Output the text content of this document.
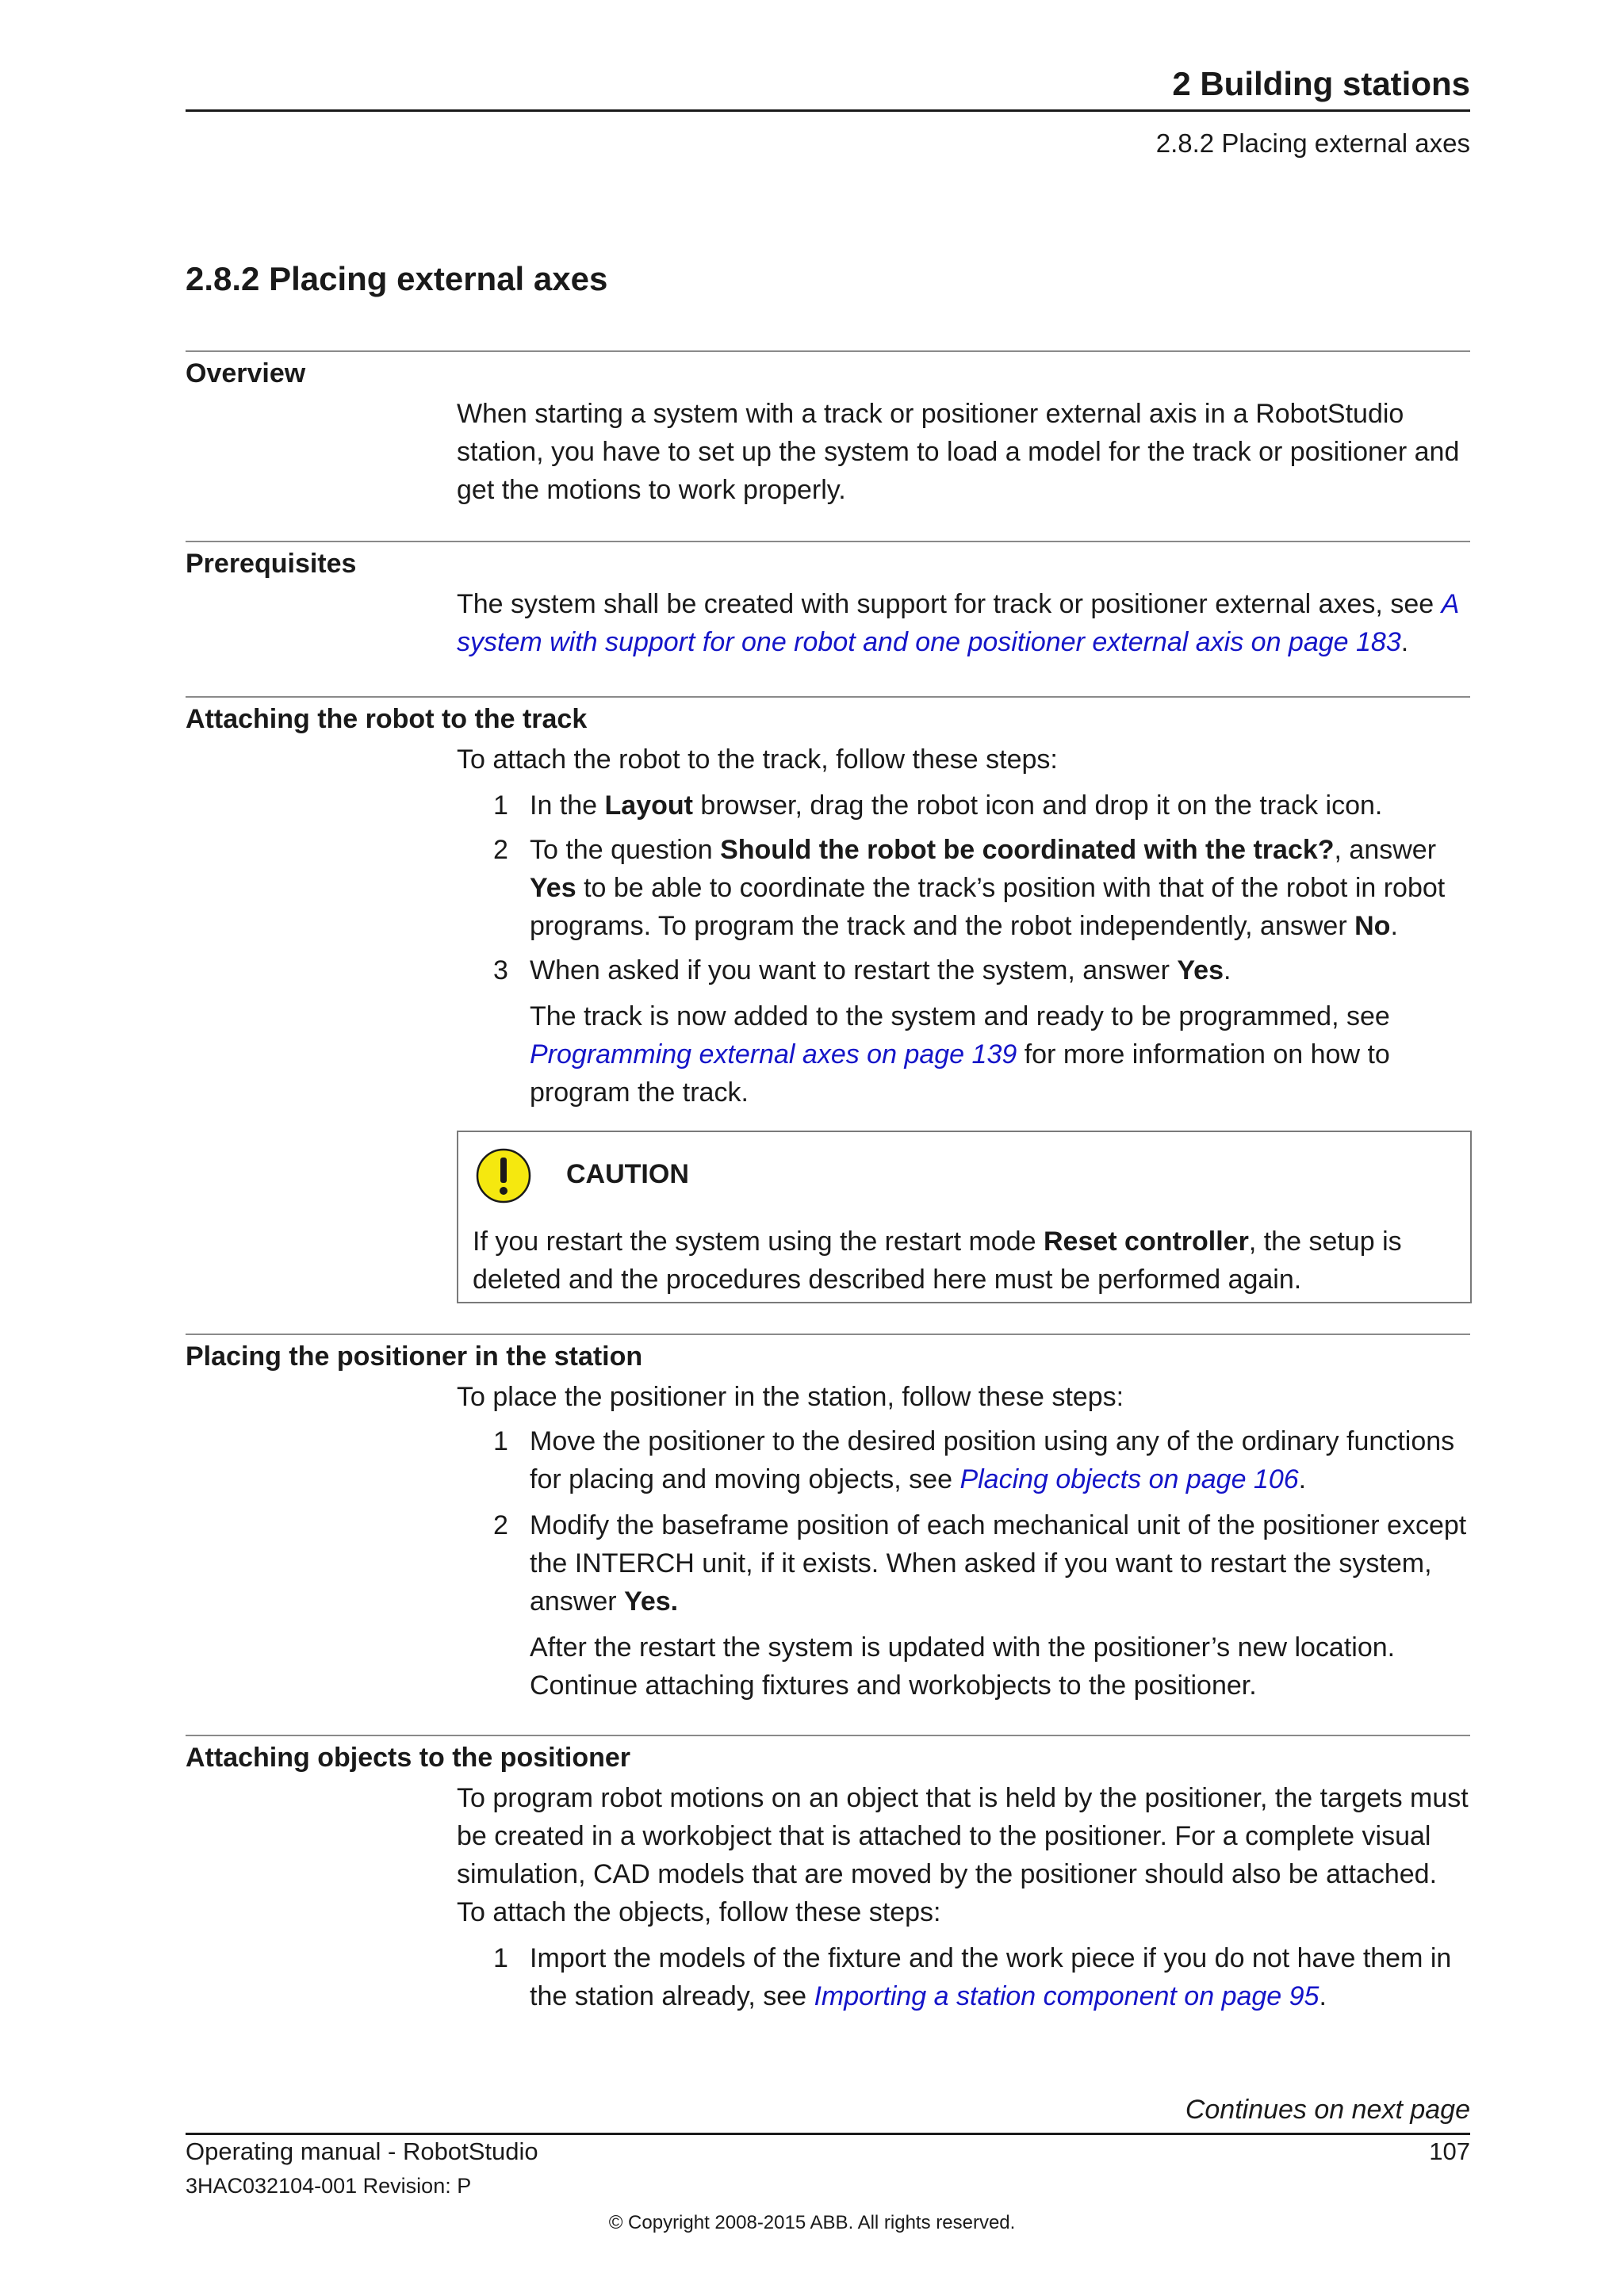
2 Building stations
2.8.2 Placing external axes
2.8.2 Placing external axes
Overview
When starting a system with a track or positioner external axis in a RobotStudio station, you have to set up the system to load a model for the track or positioner and get the motions to work properly.
Prerequisites
The system shall be created with support for track or positioner external axes, see A system with support for one robot and one positioner external axis on page 183.
Attaching the robot to the track
To attach the robot to the track, follow these steps:
1 In the Layout browser, drag the robot icon and drop it on the track icon.
2 To the question Should the robot be coordinated with the track?, answer Yes to be able to coordinate the track’s position with that of the robot in robot programs. To program the track and the robot independently, answer No.
3 When asked if you want to restart the system, answer Yes.
The track is now added to the system and ready to be programmed, see Programming external axes on page 139 for more information on how to program the track.
CAUTION
If you restart the system using the restart mode Reset controller, the setup is deleted and the procedures described here must be performed again.
Placing the positioner in the station
To place the positioner in the station, follow these steps:
1 Move the positioner to the desired position using any of the ordinary functions for placing and moving objects, see Placing objects on page 106.
2 Modify the baseframe position of each mechanical unit of the positioner except the INTERCH unit, if it exists. When asked if you want to restart the system, answer Yes.
After the restart the system is updated with the positioner’s new location. Continue attaching fixtures and workobjects to the positioner.
Attaching objects to the positioner
To program robot motions on an object that is held by the positioner, the targets must be created in a workobject that is attached to the positioner. For a complete visual simulation, CAD models that are moved by the positioner should also be attached. To attach the objects, follow these steps:
1 Import the models of the fixture and the work piece if you do not have them in the station already, see Importing a station component on page 95.
Continues on next page
Operating manual - RobotStudio	107
3HAC032104-001 Revision: P
© Copyright 2008-2015 ABB. All rights reserved.
